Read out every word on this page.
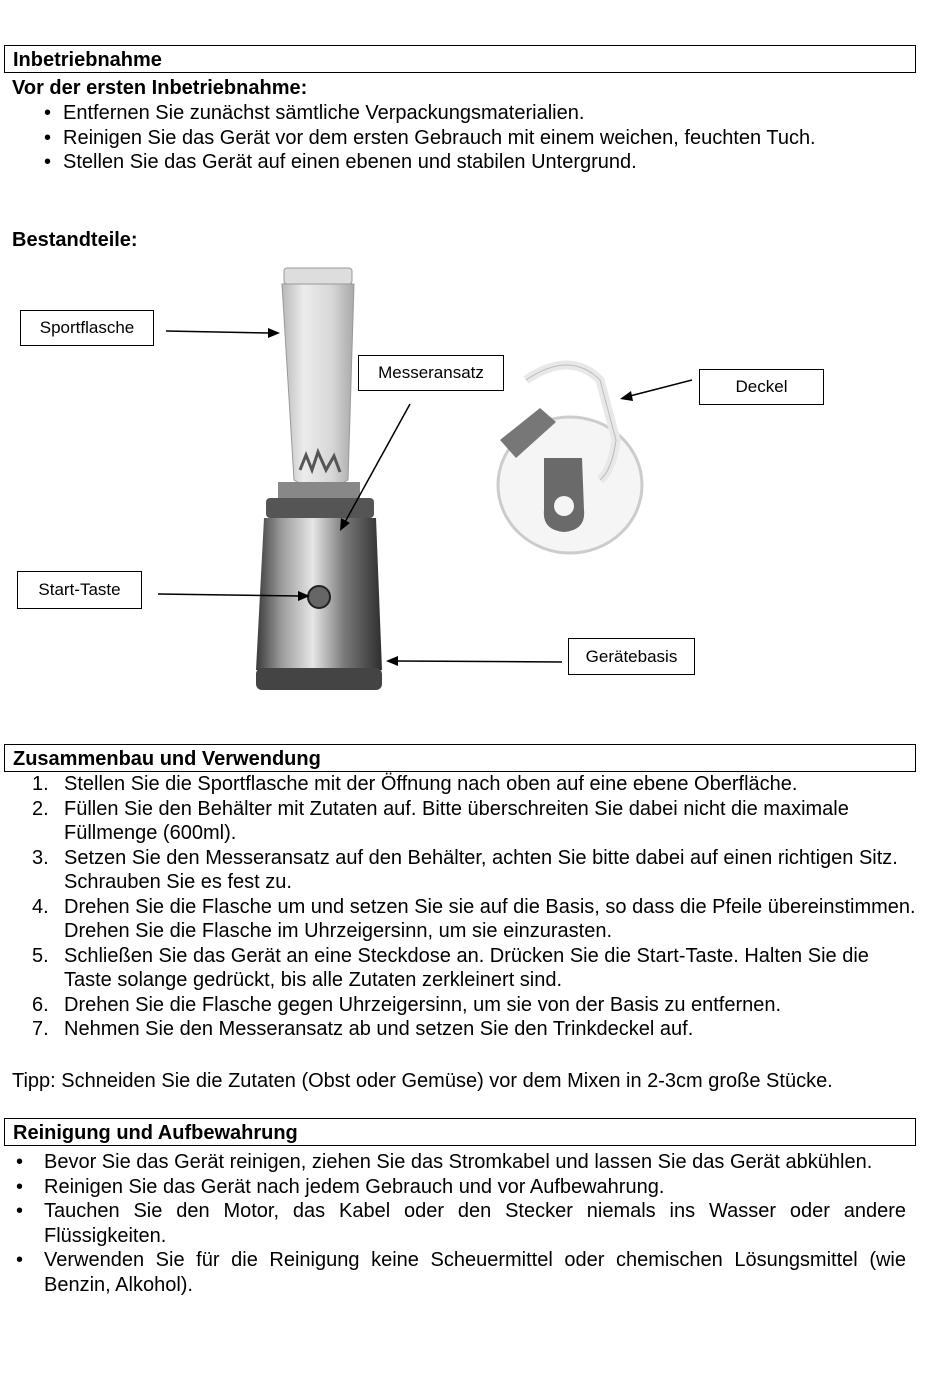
Inbetriebnahme
Vor der ersten Inbetriebnahme:
• Entfernen Sie zunächst sämtliche Verpackungsmaterialien.
• Reinigen Sie das Gerät vor dem ersten Gebrauch mit einem weichen, feuchten Tuch.
• Stellen Sie das Gerät auf einen ebenen und stabilen Untergrund.
Bestandteile:
Sportflasche
Messeransatz
Deckel
Start-Taste
Gerätebasis
Zusammenbau und Verwendung
1. Stellen Sie die Sportflasche mit der Öffnung nach oben auf eine ebene Oberfläche.
2. Füllen Sie den Behälter mit Zutaten auf. Bitte überschreiten Sie dabei nicht die maximale Füllmenge (600ml).
3. Setzen Sie den Messeransatz auf den Behälter, achten Sie bitte dabei auf einen richtigen Sitz. Schrauben Sie es fest zu.
4. Drehen Sie die Flasche um und setzen Sie sie auf die Basis, so dass die Pfeile übereinstimmen. Drehen Sie die Flasche im Uhrzeigersinn, um sie einzurasten.
5. Schließen Sie das Gerät an eine Steckdose an. Drücken Sie die Start-Taste. Halten Sie die Taste solange gedrückt, bis alle Zutaten zerkleinert sind.
6. Drehen Sie die Flasche gegen Uhrzeigersinn, um sie von der Basis zu entfernen.
7. Nehmen Sie den Messeransatz ab und setzen Sie den Trinkdeckel auf.
Tipp: Schneiden Sie die Zutaten (Obst oder Gemüse) vor dem Mixen in 2-3cm große Stücke.
Reinigung und Aufbewahrung
• Bevor Sie das Gerät reinigen, ziehen Sie das Stromkabel und lassen Sie das Gerät abkühlen.
• Reinigen Sie das Gerät nach jedem Gebrauch und vor Aufbewahrung.
• Tauchen Sie den Motor, das Kabel oder den Stecker niemals ins Wasser oder andere Flüssigkeiten.
• Verwenden Sie für die Reinigung keine Scheuermittel oder chemischen Lösungsmittel (wie Benzin, Alkohol).
